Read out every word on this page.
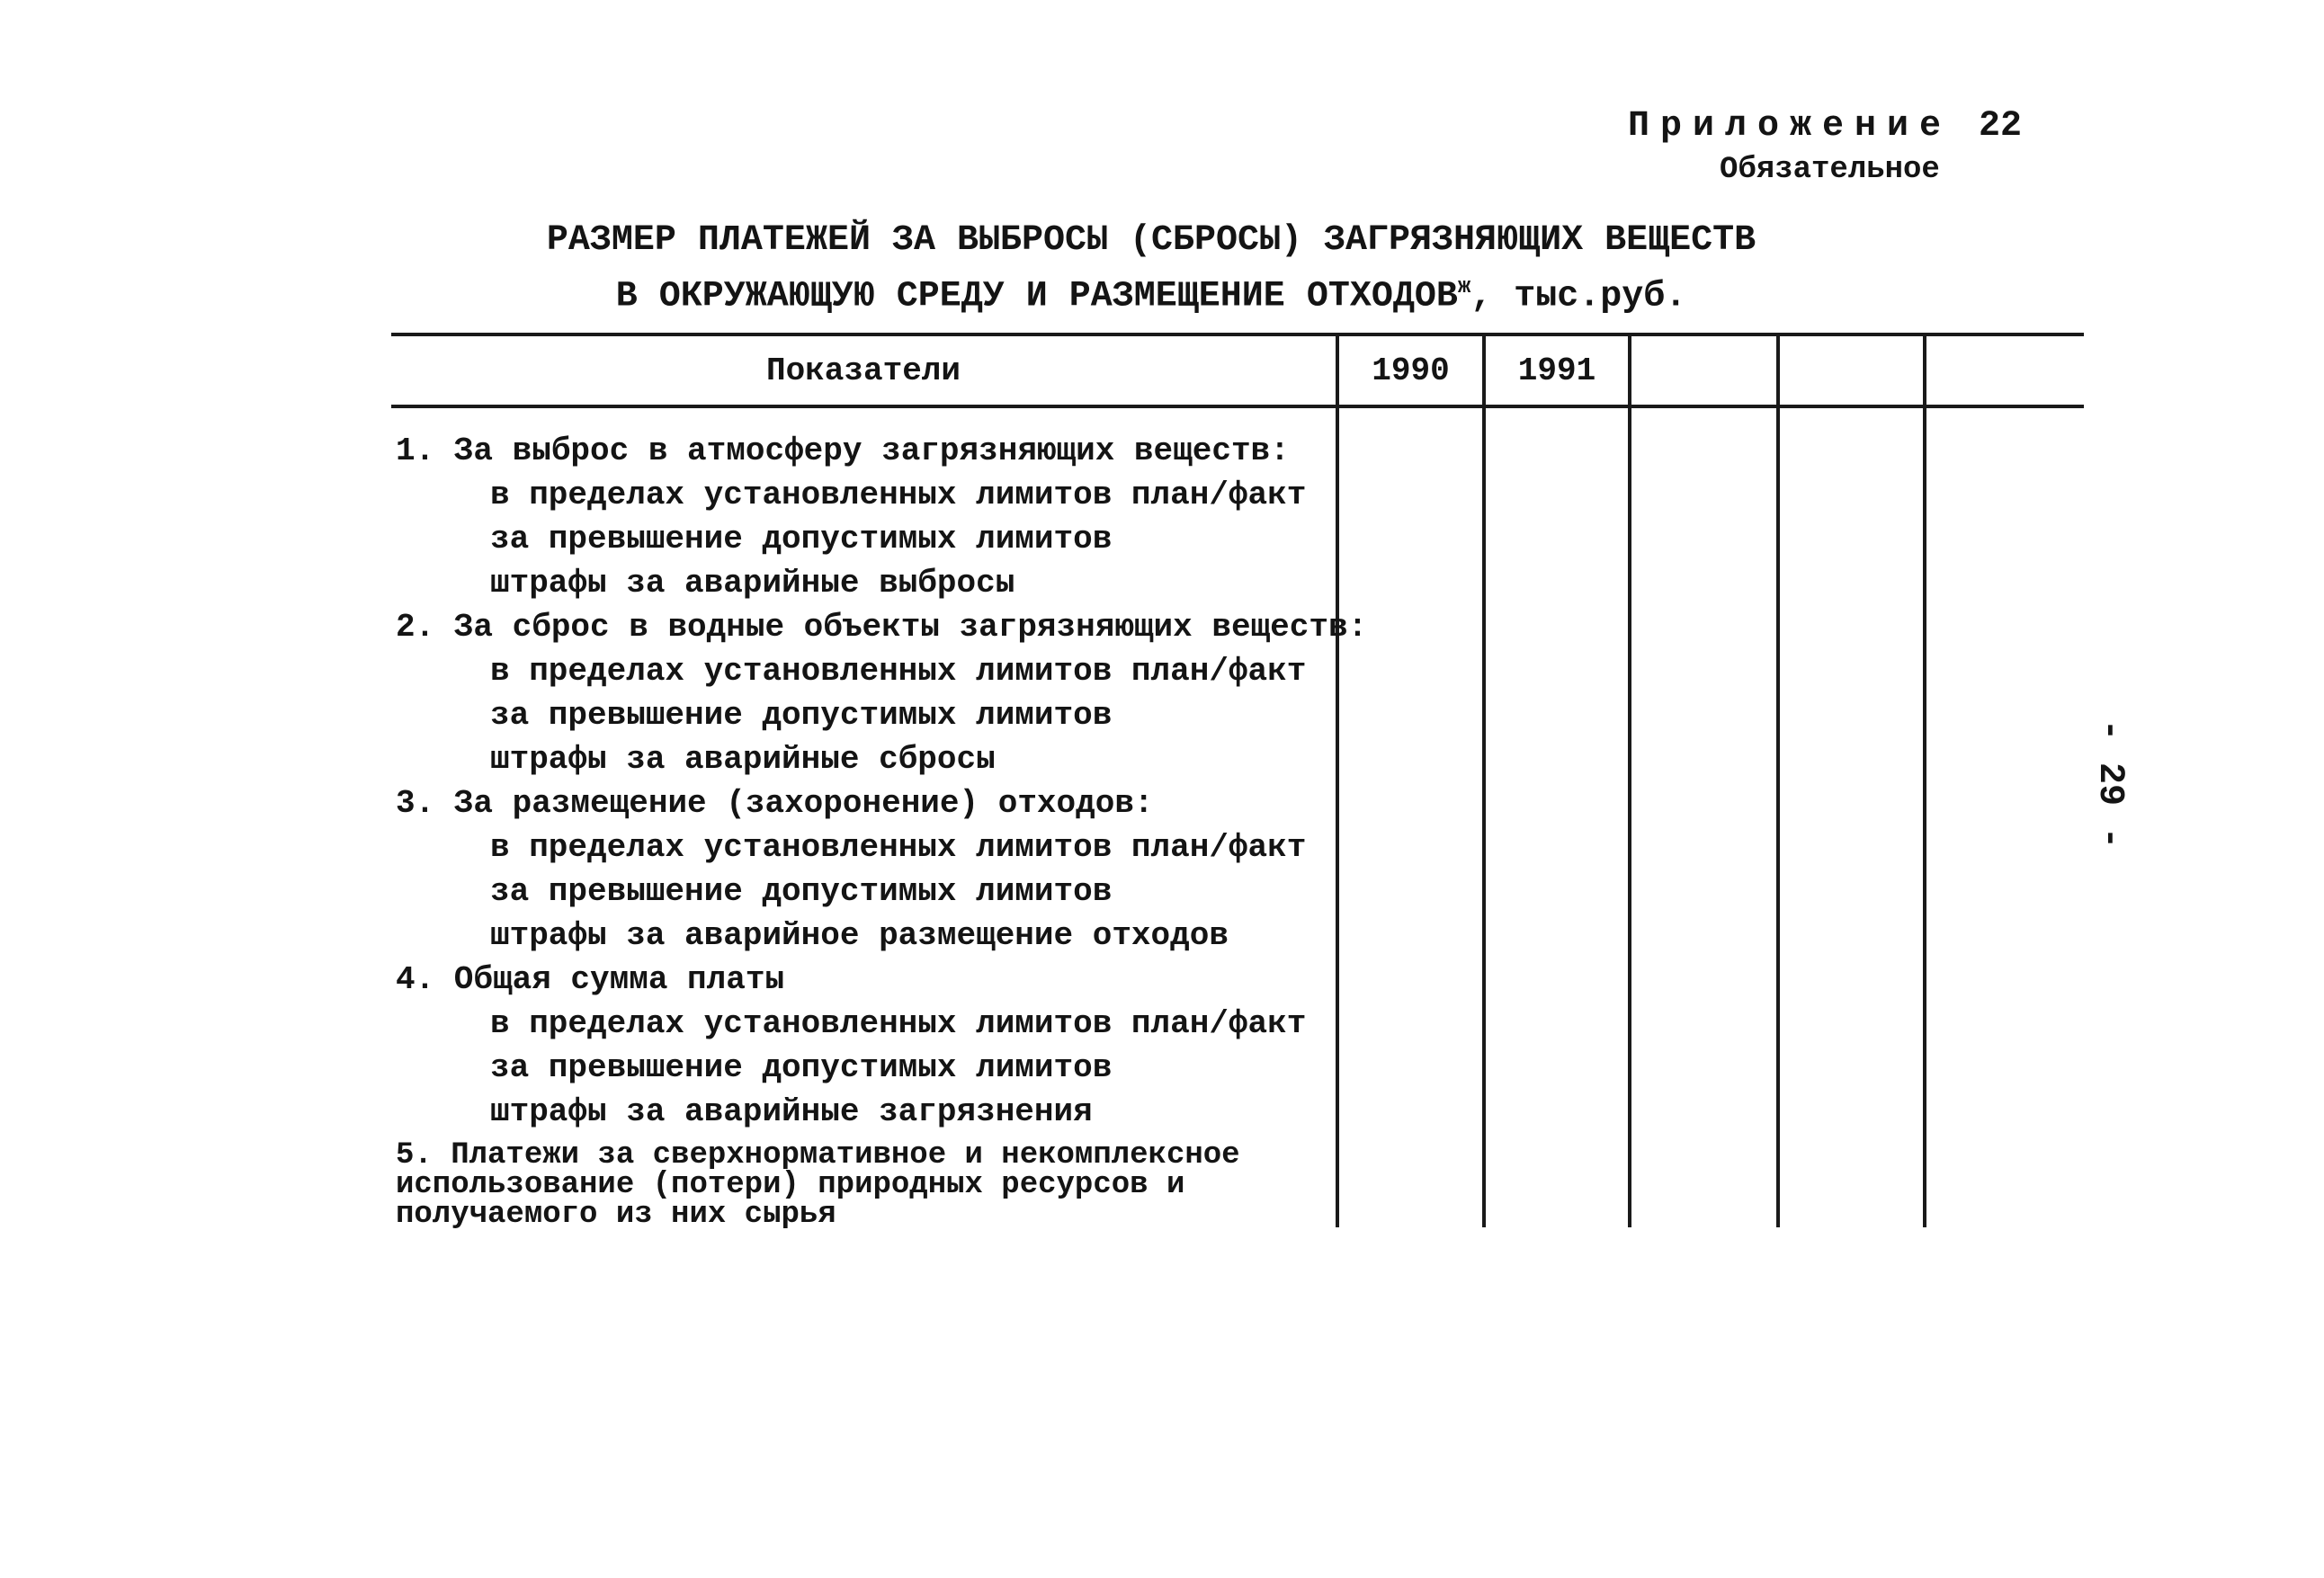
Приложение 22
Обязательное
РАЗМЕР ПЛАТЕЖЕЙ ЗА ВЫБРОСЫ (СБРОСЫ) ЗАГРЯЗНЯЮЩИХ ВЕЩЕСТВ
В ОКРУЖАЮЩУЮ СРЕДУ И РАЗМЕЩЕНИЕ $ОТХОДОВ^ж$, тыс.руб.
- 29 -
Показатели	1990	1991
1. За выброс в атмосферу загрязняющих веществ:
в пределах установленных лимитов план/факт
за превышение допустимых лимитов
штрафы за аварийные выбросы
2. За сброс в водные объекты загрязняющих веществ:
в пределах установленных лимитов план/факт
за превышение допустимых лимитов
штрафы за аварийные сбросы
3. За размещение (захоронение) отходов:
в пределах установленных лимитов план/факт
за превышение допустимых лимитов
штрафы за аварийное размещение отходов
4. Общая сумма платы
в пределах установленных лимитов план/факт
за превышение допустимых лимитов
штрафы за аварийные загрязнения
5. Платежи за сверхнормативное и некомплексное
использование (потери) природных ресурсов и
получаемого из них сырья
